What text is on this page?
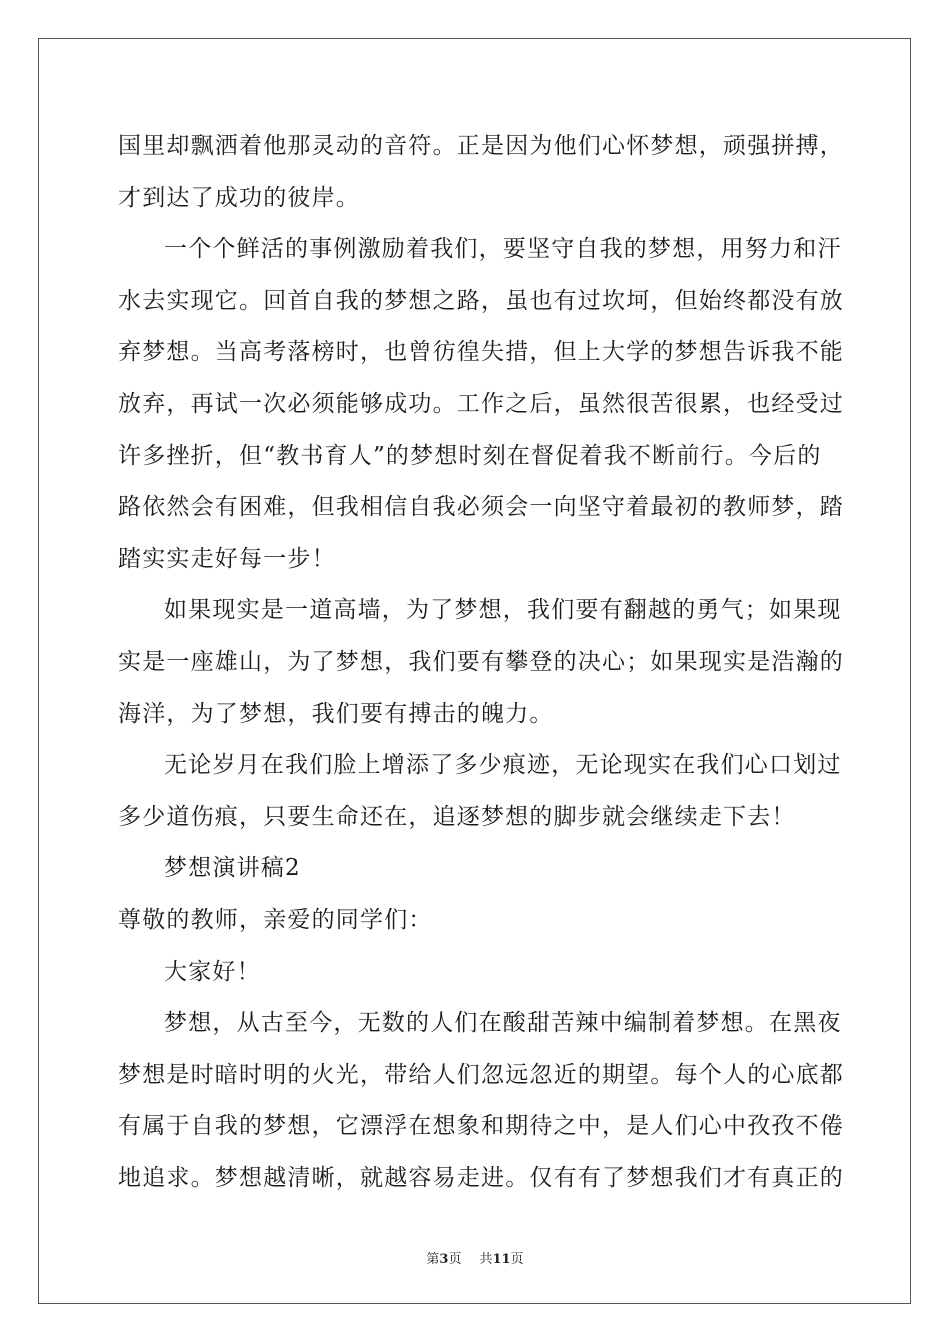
国里却飘洒着他那灵动的音符。正是因为他们心怀梦想，顽强拼搏，
才到达了成功的彼岸。
一个个鲜活的事例激励着我们，要坚守自我的梦想，用努力和汗
水去实现它。回首自我的梦想之路，虽也有过坎坷，但始终都没有放
弃梦想。当高考落榜时，也曾彷徨失措，但上大学的梦想告诉我不能
放弃，再试一次必须能够成功。工作之后，虽然很苦很累，也经受过
许多挫折，但“教书育人”的梦想时刻在督促着我不断前行。今后的
路依然会有困难，但我相信自我必须会一向坚守着最初的教师梦，踏
踏实实走好每一步！
如果现实是一道高墙，为了梦想，我们要有翻越的勇气；如果现
实是一座雄山，为了梦想，我们要有攀登的决心；如果现实是浩瀚的
海洋，为了梦想，我们要有搏击的魄力。
无论岁月在我们脸上增添了多少痕迹，无论现实在我们心口划过
多少道伤痕，只要生命还在，追逐梦想的脚步就会继续走下去！
梦想演讲稿2
尊敬的教师，亲爱的同学们：
大家好！
梦想，从古至今，无数的人们在酸甜苦辣中编制着梦想。在黑夜
梦想是时暗时明的火光，带给人们忽远忽近的期望。每个人的心底都
有属于自我的梦想，它漂浮在想象和期待之中，是人们心中孜孜不倦
地追求。梦想越清晰，就越容易走进。仅有有了梦想我们才有真正的
第3页 共11页
